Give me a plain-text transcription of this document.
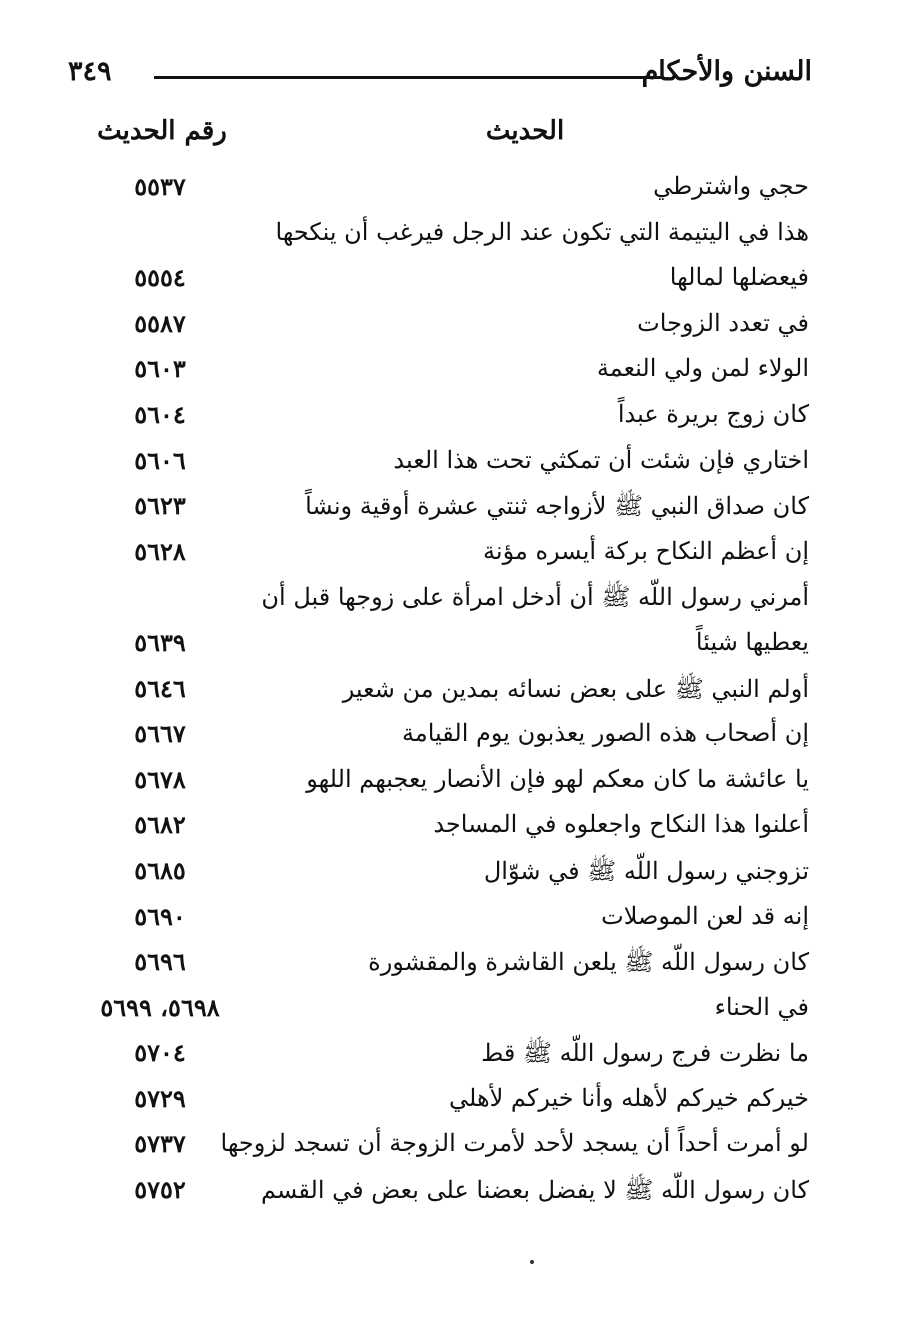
السنن والأحكام
٣٤٩
الحديث
رقم الحديث
حجي واشترطي
٥٥٣٧
هذا في اليتيمة التي تكون عند الرجل فيرغب أن ينكحها
فيعضلها لمالها
٥٥٥٤
في تعدد الزوجات
٥٥٨٧
الولاء لمن ولي النعمة
٥٦٠٣
كان زوج بريرة عبداً
٥٦٠٤
اختاري فإن شئت أن تمكثي تحت هذا العبد
٥٦٠٦
كان صداق النبي ﷺ لأزواجه ثنتي عشرة أوقية ونشاً
٥٦٢٣
إن أعظم النكاح بركة أيسره مؤنة
٥٦٢٨
أمرني رسول اللّه ﷺ أن أدخل امرأة على زوجها قبل أن
يعطيها شيئاً
٥٦٣٩
أولم النبي ﷺ على بعض نسائه بمدين من شعير
٥٦٤٦
إن أصحاب هذه الصور يعذبون يوم القيامة
٥٦٦٧
يا عائشة ما كان معكم لهو فإن الأنصار يعجبهم اللهو
٥٦٧٨
أعلنوا هذا النكاح واجعلوه في المساجد
٥٦٨٢
تزوجني رسول اللّه ﷺ في شوّال
٥٦٨٥
إنه قد لعن الموصلات
٥٦٩٠
كان رسول اللّه ﷺ يلعن القاشرة والمقشورة
٥٦٩٦
في الحناء
٥٦٩٨، ٥٦٩٩
ما نظرت فرج رسول اللّه ﷺ قط
٥٧٠٤
خيركم خيركم لأهله وأنا خيركم لأهلي
٥٧٢٩
لو أمرت أحداً أن يسجد لأحد لأمرت الزوجة أن تسجد لزوجها
٥٧٣٧
كان رسول اللّه ﷺ لا يفضل بعضنا على بعض في القسم
٥٧٥٢
